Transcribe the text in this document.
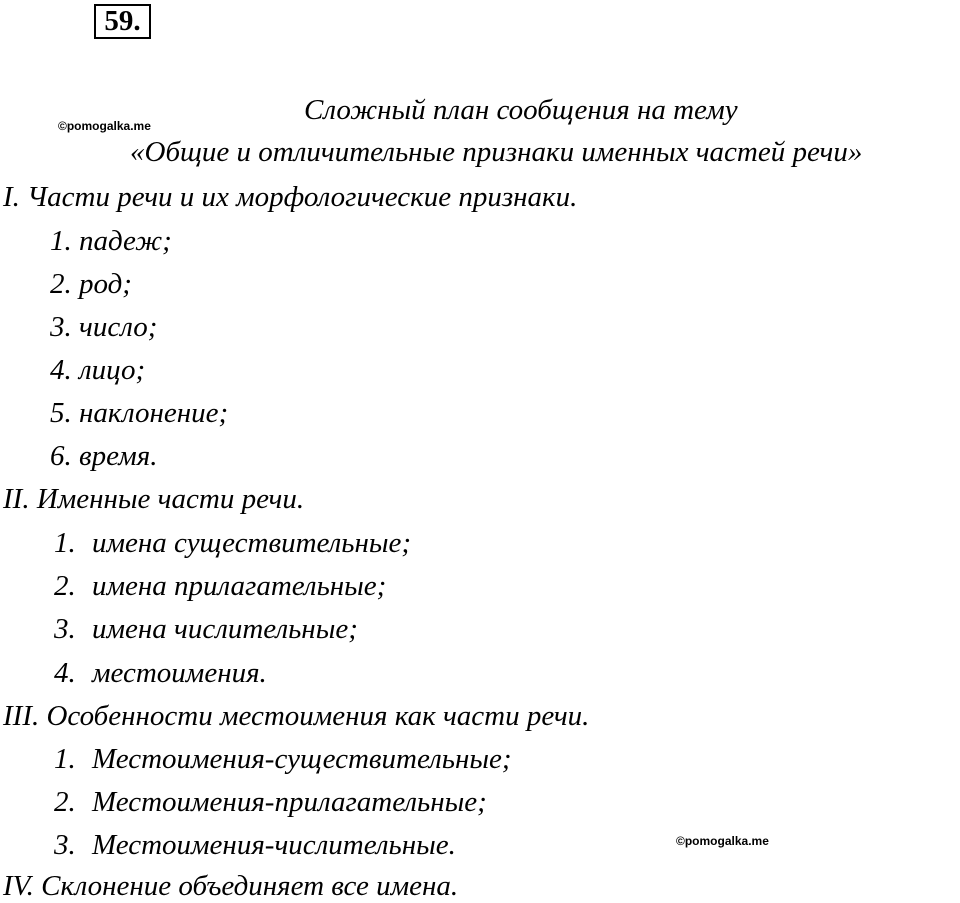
59.
©pomogalka.me	Сложный план сообщения на тему
«Общие и отличительные признаки именных частей речи»
I. Части речи и их морфологические признаки.
1. падеж;
2. род;
3. число;
4. лицо;
5. наклонение;
6. время.
II. Именные части речи.
1. имена существительные;
2. имена прилагательные;
3. имена числительные;
4. местоимения.
III. Особенности местоимения как части речи.
1. Местоимения-существительные;
2. Местоимения-прилагательные;
3. Местоимения-числительные.	©pomogalka.me
IV. Склонение объединяет все имена.
